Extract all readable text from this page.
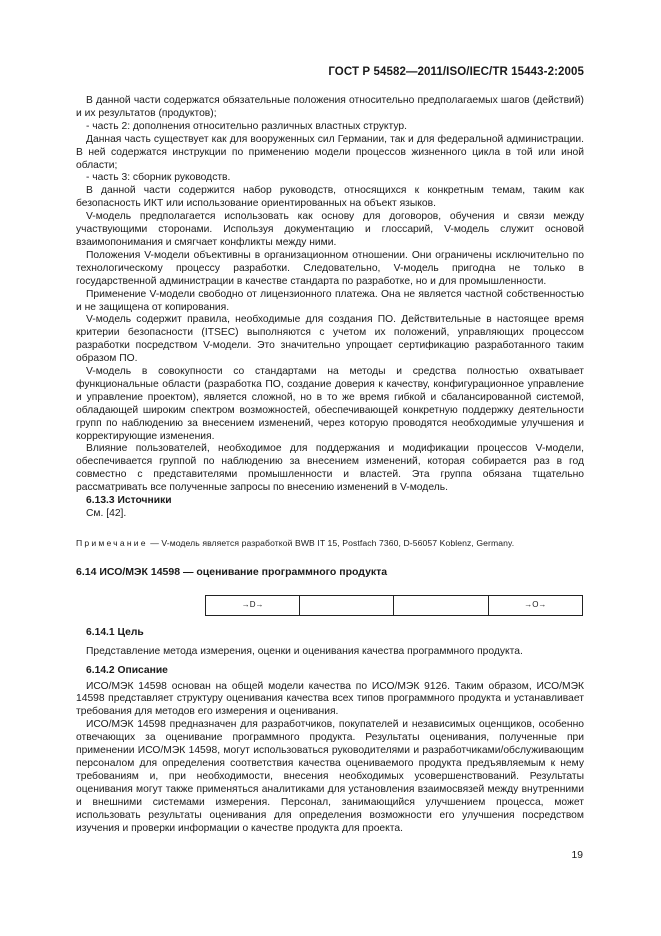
ГОСТ Р 54582—2011/ISO/IEC/TR 15443-2:2005

В данной части содержатся обязательные положения относительно предполагаемых шагов (действий) и их результатов (продуктов);

- часть 2: дополнения относительно различных властных структур.

Данная часть существует как для вооруженных сил Германии, так и для федеральной администрации. В ней содержатся инструкции по применению модели процессов жизненного цикла в той или иной области;

- часть 3: сборник руководств.

В данной части содержится набор руководств, относящихся к конкретным темам, таким как безопасность ИКТ или использование ориентированных на объект языков.

V-модель предполагается использовать как основу для договоров, обучения и связи между участвующими сторонами. Используя документацию и глоссарий, V-модель служит основой взаимопонимания и смягчает конфликты между ними.

Положения V-модели объективны в организационном отношении. Они ограничены исключительно по технологическому процессу разработки. Следовательно, V-модель пригодна не только в государственной администрации в качестве стандарта по разработке, но и для промышленности.

Применение V-модели свободно от лицензионного платежа. Она не является частной собственностью и не защищена от копирования.

V-модель содержит правила, необходимые для создания ПО. Действительные в настоящее время критерии безопасности (ITSEC) выполняются с учетом их положений, управляющих процессом разработки посредством V-модели. Это значительно упрощает сертификацию разработанного таким образом ПО.

V-модель в совокупности со стандартами на методы и средства полностью охватывает функциональные области (разработка ПО, создание доверия к качеству, конфигурационное управление и управление проектом), является сложной, но в то же время гибкой и сбалансированной системой, обладающей широким спектром возможностей, обеспечивающей конкретную поддержку деятельности групп по наблюдению за внесением изменений, через которую проводятся необходимые улучшения и корректирующие изменения.

Влияние пользователей, необходимое для поддержания и модификации процессов V-модели, обеспечивается группой по наблюдению за внесением изменений, которая собирается раз в год совместно с представителями промышленности и властей. Эта группа обязана тщательно рассматривать все полученные запросы по внесению изменений в V-модель.

6.13.3 Источники

См. [42].

Примечание — V-модель является разработкой BWB IT 15, Postfach 7360, D-56057 Koblenz, Germany.

6.14 ИСО/МЭК 14598 — оценивание программного продукта
→D→			→O→
6.14.1 Цель

Представление метода измерения, оценки и оценивания качества программного продукта.

6.14.2 Описание

ИСО/МЭК 14598 основан на общей модели качества по ИСО/МЭК 9126. Таким образом, ИСО/МЭК 14598 представляет структуру оценивания качества всех типов программного продукта и устанавливает требования для методов его измерения и оценивания.

ИСО/МЭК 14598 предназначен для разработчиков, покупателей и независимых оценщиков, особенно отвечающих за оценивание программного продукта. Результаты оценивания, полученные при применении ИСО/МЭК 14598, могут использоваться руководителями и разработчиками/обслуживающим персоналом для определения соответствия качества оцениваемого продукта предъявляемым к нему требованиям и, при необходимости, внесения необходимых усовершенствований. Результаты оценивания могут также применяться аналитиками для установления взаимосвязей между внутренними и внешними системами измерения. Персонал, занимающийся улучшением процесса, может использовать результаты оценивания для определения возможности его улучшения посредством изучения и проверки информации о качестве продукта для проекта.

19
